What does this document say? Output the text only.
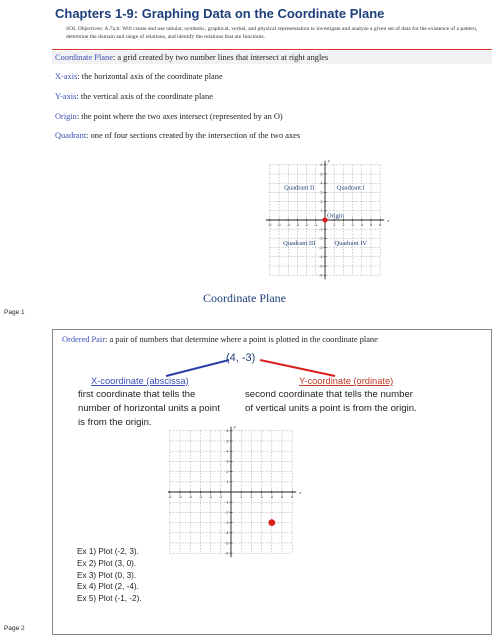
Chapters 1-9: Graphing Data on the Coordinate Plane
SOL Objectives: A.7a,b: Will create and use tabular, symbolic, graphical, verbal, and physical representation to investigate and analyze a given set of data for the existence of a pattern, determine the domain and range of relations, and identify the relations that are functions.
Coordinate Plane: a grid created by two number lines that intersect at right angles
X-axis: the horizontal axis of the coordinate plane
Y-axis: the vertical axis of the coordinate plane
Origin: the point where the two axes intersect (represented by an O)
Quadrant: one of four sections created by the intersection of the two axes
x
y
-6 -5 -4 -3 -2 -1	1 2 3 4 5 6
6
5
4
3
2
1
-1
-2
-3
-4
-5
-6
Quadrant II	Quadrant I
Quadrant III	Quadrant IV
Origin
Coordinate Plane
Page 1
Ordered Pair: a pair of numbers that determine where a point is plotted in the coordinate plane
(4, -3)
X-coordinate (abscissa)	Y-coordinate (ordinate)
first coordinate that tells the number of horizontal units a point is from the origin.
second coordinate that tells the number of vertical units a point is from the origin.
x
y
-6 -5 -4 -3 -2 -1	1 2 3 4 5 6
6
5
4
3
2
1
-1
-2
-3
-4
-5
-6
Ex 1) Plot (-2, 3).
Ex 2) Plot (3, 0).
Ex 3) Plot (0, 3).
Ex 4) Plot (2, -4).
Ex 5) Plot (-1, -2).
Page 2
